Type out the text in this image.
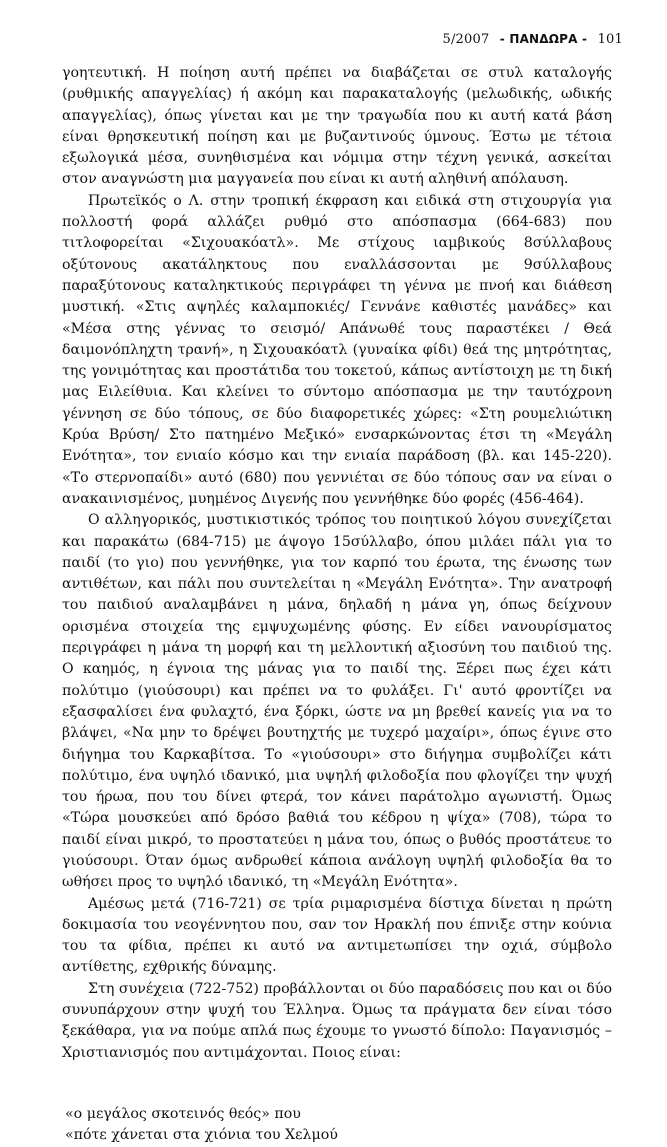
5/2007 - ΠΑΝΔΩΡΑ - 101

γοητευτική. Η ποίηση αυτή πρέπει να διαβάζεται σε στυλ καταλογής (ρυθμικής απαγγελίας) ή ακόμη και παρακαταλογής (μελωδικής, ωδικής απαγγελίας), όπως γίνεται και με την τραγωδία που κι αυτή κατά βάση είναι θρησκευτική ποίηση και με βυζαντινούς ύμνους. Έστω με τέτοια εξωλογικά μέσα, συνηθισμένα και νόμιμα στην τέχνη γενικά, ασκείται στον αναγνώστη μια μαγγανεία που είναι κι αυτή αληθινή απόλαυση.

Πρωτεϊκός ο Λ. στην τροπική έκφραση και ειδικά στη στιχουργία για πολλοστή φορά αλλάζει ρυθμό στο απόσπασμα (664-683) που τιτλοφορείται «Σιχουακόατλ». Με στίχους ιαμβικούς 8σύλλαβους οξύτονους ακατάληκτους που εναλλάσσονται με 9σύλλαβους παραξύτονους καταληκτικούς περιγράφει τη γέννα με πνοή και διάθεση μυστική. «Στις αψηλές καλαμποκιές/ Γεννάνε καθιστές μανάδες» και «Μέσα στης γέννας το σεισμό/ Απάνωθέ τους παραστέκει / Θεά δαιμονόπληχτη τρανή», η Σιχουακόατλ (γυναίκα φίδι) θεά της μητρότητας, της γονιμότητας και προστάτιδα του τοκετού, κάπως αντίστοιχη με τη δική μας Ειλείθυια. Και κλείνει το σύντομο απόσπασμα με την ταυτόχρονη γέννηση σε δύο τόπους, σε δύο διαφορετικές χώρες: «Στη ρουμελιώτικη Κρύα Βρύση/ Στο πατημένο Μεξικό» ενσαρκώνοντας έτσι τη «Μεγάλη Ενότητα», τον ενιαίο κόσμο και την ενιαία παράδοση (βλ. και 145-220). «Το στερνοπαίδι» αυτό (680) που γεννιέται σε δύο τόπους σαν να είναι ο ανακαινισμένος, μυημένος Διγενής που γεννήθηκε δύο φορές (456-464).

Ο αλληγορικός, μυστικιστικός τρόπος του ποιητικού λόγου συνεχίζεται και παρακάτω (684-715) με άψογο 15σύλλαβο, όπου μιλάει πάλι για το παιδί (το γιο) που γεννήθηκε, για τον καρπό του έρωτα, της ένωσης των αντιθέτων, και πάλι που συντελείται η «Μεγάλη Ενότητα». Την ανατροφή του παιδιού αναλαμβάνει η μάνα, δηλαδή η μάνα γη, όπως δείχνουν ορισμένα στοιχεία της εμψυχωμένης φύσης. Εν είδει νανουρίσματος περιγράφει η μάνα τη μορφή και τη μελλοντική αξιοσύνη του παιδιού της. Ο καημός, η έγνοια της μάνας για το παιδί της. Ξέρει πως έχει κάτι πολύτιμο (γιούσουρι) και πρέπει να το φυλάξει. Γι' αυτό φροντίζει να εξασφαλίσει ένα φυλαχτό, ένα ξόρκι, ώστε να μη βρεθεί κανείς για να το βλάψει, «Να μην το δρέψει βουτηχτής με τυχερό μαχαίρι», όπως έγινε στο διήγημα του Καρκαβίτσα. Το «γιούσουρι» στο διήγημα συμβολίζει κάτι πολύτιμο, ένα υψηλό ιδανικό, μια υψηλή φιλοδοξία που φλογίζει την ψυχή του ήρωα, που του δίνει φτερά, τον κάνει παράτολμο αγωνιστή. Όμως «Τώρα μουσκεύει από δρόσο βαθιά του κέδρου η ψίχα» (708), τώρα το παιδί είναι μικρό, το προστατεύει η μάνα του, όπως ο βυθός προστάτευε το γιούσουρι. Όταν όμως ανδρωθεί κάποια ανάλογη υψηλή φιλοδοξία θα το ωθήσει προς το υψηλό ιδανικό, τη «Μεγάλη Ενότητα».

Αμέσως μετά (716-721) σε τρία ριμαρισμένα δίστιχα δίνεται η πρώτη δοκιμασία του νεογέννητου που, σαν τον Ηρακλή που έπνιξε στην κούνια του τα φίδια, πρέπει κι αυτό να αντιμετωπίσει την οχιά, σύμβολο αντίθετης, εχθρικής δύναμης.

Στη συνέχεια (722-752) προβάλλονται οι δύο παραδόσεις που και οι δύο συνυπάρχουν στην ψυχή του Έλληνα. Όμως τα πράγματα δεν είναι τόσο ξεκάθαρα, για να πούμε απλά πως έχουμε το γνωστό δίπολο: Παγανισμός – Χριστιανισμός που αντιμάχονται. Ποιος είναι:

«ο μεγάλος σκοτεινός θεός» που
«πότε χάνεται στα χιόνια του Χελμού
